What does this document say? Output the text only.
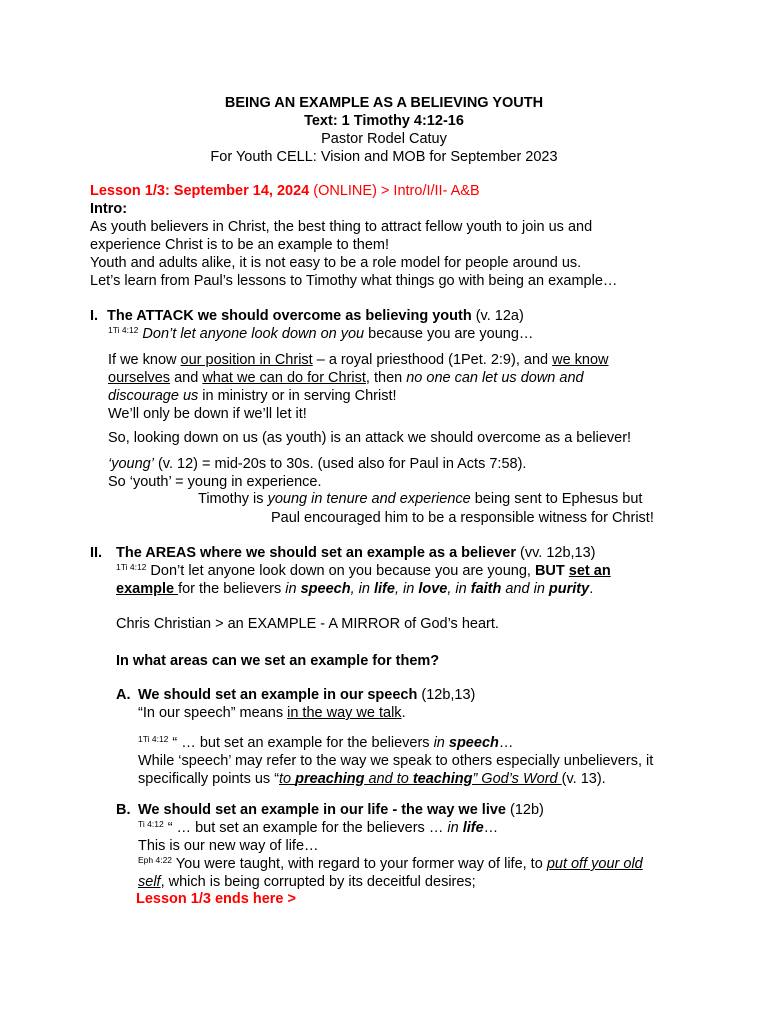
BEING AN EXAMPLE AS A BELIEVING YOUTH
Text: 1 Timothy 4:12-16
Pastor Rodel Catuy
For Youth CELL: Vision and MOB for September 2023
Lesson 1/3: September 14, 2024 (ONLINE) > Intro/I/II- A&B
Intro:
As youth believers in Christ, the best thing to attract fellow youth to join us and
experience Christ is to be an example to them!
Youth and adults alike, it is not easy to be a role model for people around us.
Let’s learn from Paul’s lessons to Timothy what things go with being an example…
I. The ATTACK we should overcome as believing youth (v. 12a)
$^{1Ti 4:12}$ Don’t let anyone look down on you because you are young…
If we know our position in Christ – a royal priesthood (1Pet. 2:9), and we know
ourselves and what we can do for Christ, then no one can let us down and
discourage us in ministry or in serving Christ!
We’ll only be down if we’ll let it!
So, looking down on us (as youth) is an attack we should overcome as a believer!
‘young’ (v. 12) = mid-20s to 30s. (used also for Paul in Acts 7:58).
So ‘youth’ = young in experience.
Timothy is young in tenure and experience being sent to Ephesus but
Paul encouraged him to be a responsible witness for Christ!
II. The AREAS where we should set an example as a believer (vv. 12b,13)
$^{1Ti 4:12}$ Don’t let anyone look down on you because you are young, BUT set an
example for the believers in speech, in life, in love, in faith and in purity.
Chris Christian > an EXAMPLE - A MIRROR of God’s heart.
In what areas can we set an example for them?
A. We should set an example in our speech (12b,13)
“In our speech” means in the way we talk.
$^{1Ti 4:12}$ “ … but set an example for the believers in speech…
While ‘speech’ may refer to the way we speak to others especially unbelievers, it
specifically points us “to preaching and to teaching” God’s Word (v. 13).
B. We should set an example in our life - the way we live (12b)
$^{Ti 4:12}$ “ … but set an example for the believers … in life…
This is our new way of life…
$^{Eph 4:22}$ You were taught, with regard to your former way of life, to put off your old
self, which is being corrupted by its deceitful desires;
Lesson 1/3 ends here >
